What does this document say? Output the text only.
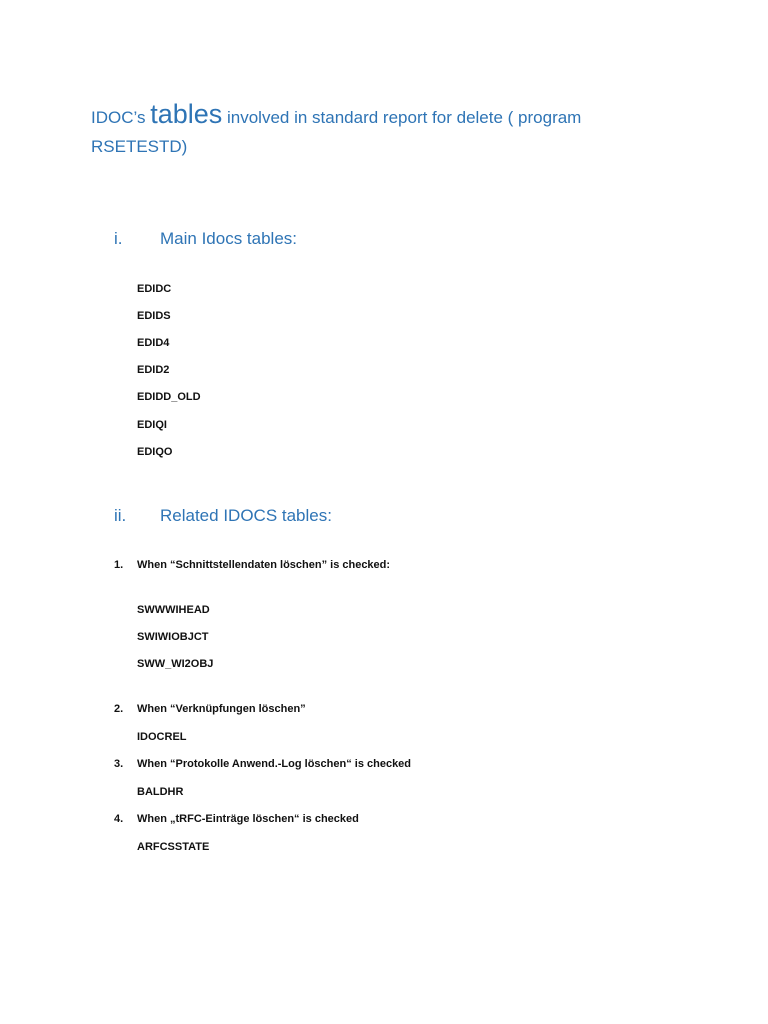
IDOC’s tables involved in standard report for delete ( program
RSETESTD)
i. Main Idocs tables:
EDIDC
EDIDS
EDID4
EDID2
EDIDD_OLD
EDIQI
EDIQO
ii. Related IDOCS tables:
1. When “Schnittstellendaten löschen” is checked:
SWWWIHEAD
SWIWIOBJCT
SWW_WI2OBJ
2. When “Verknüpfungen löschen”
IDOCREL
3. When “Protokolle Anwend.-Log löschen“ is checked
BALDHR
4. When „tRFC-Einträge löschen“ is checked
ARFCSSTATE
